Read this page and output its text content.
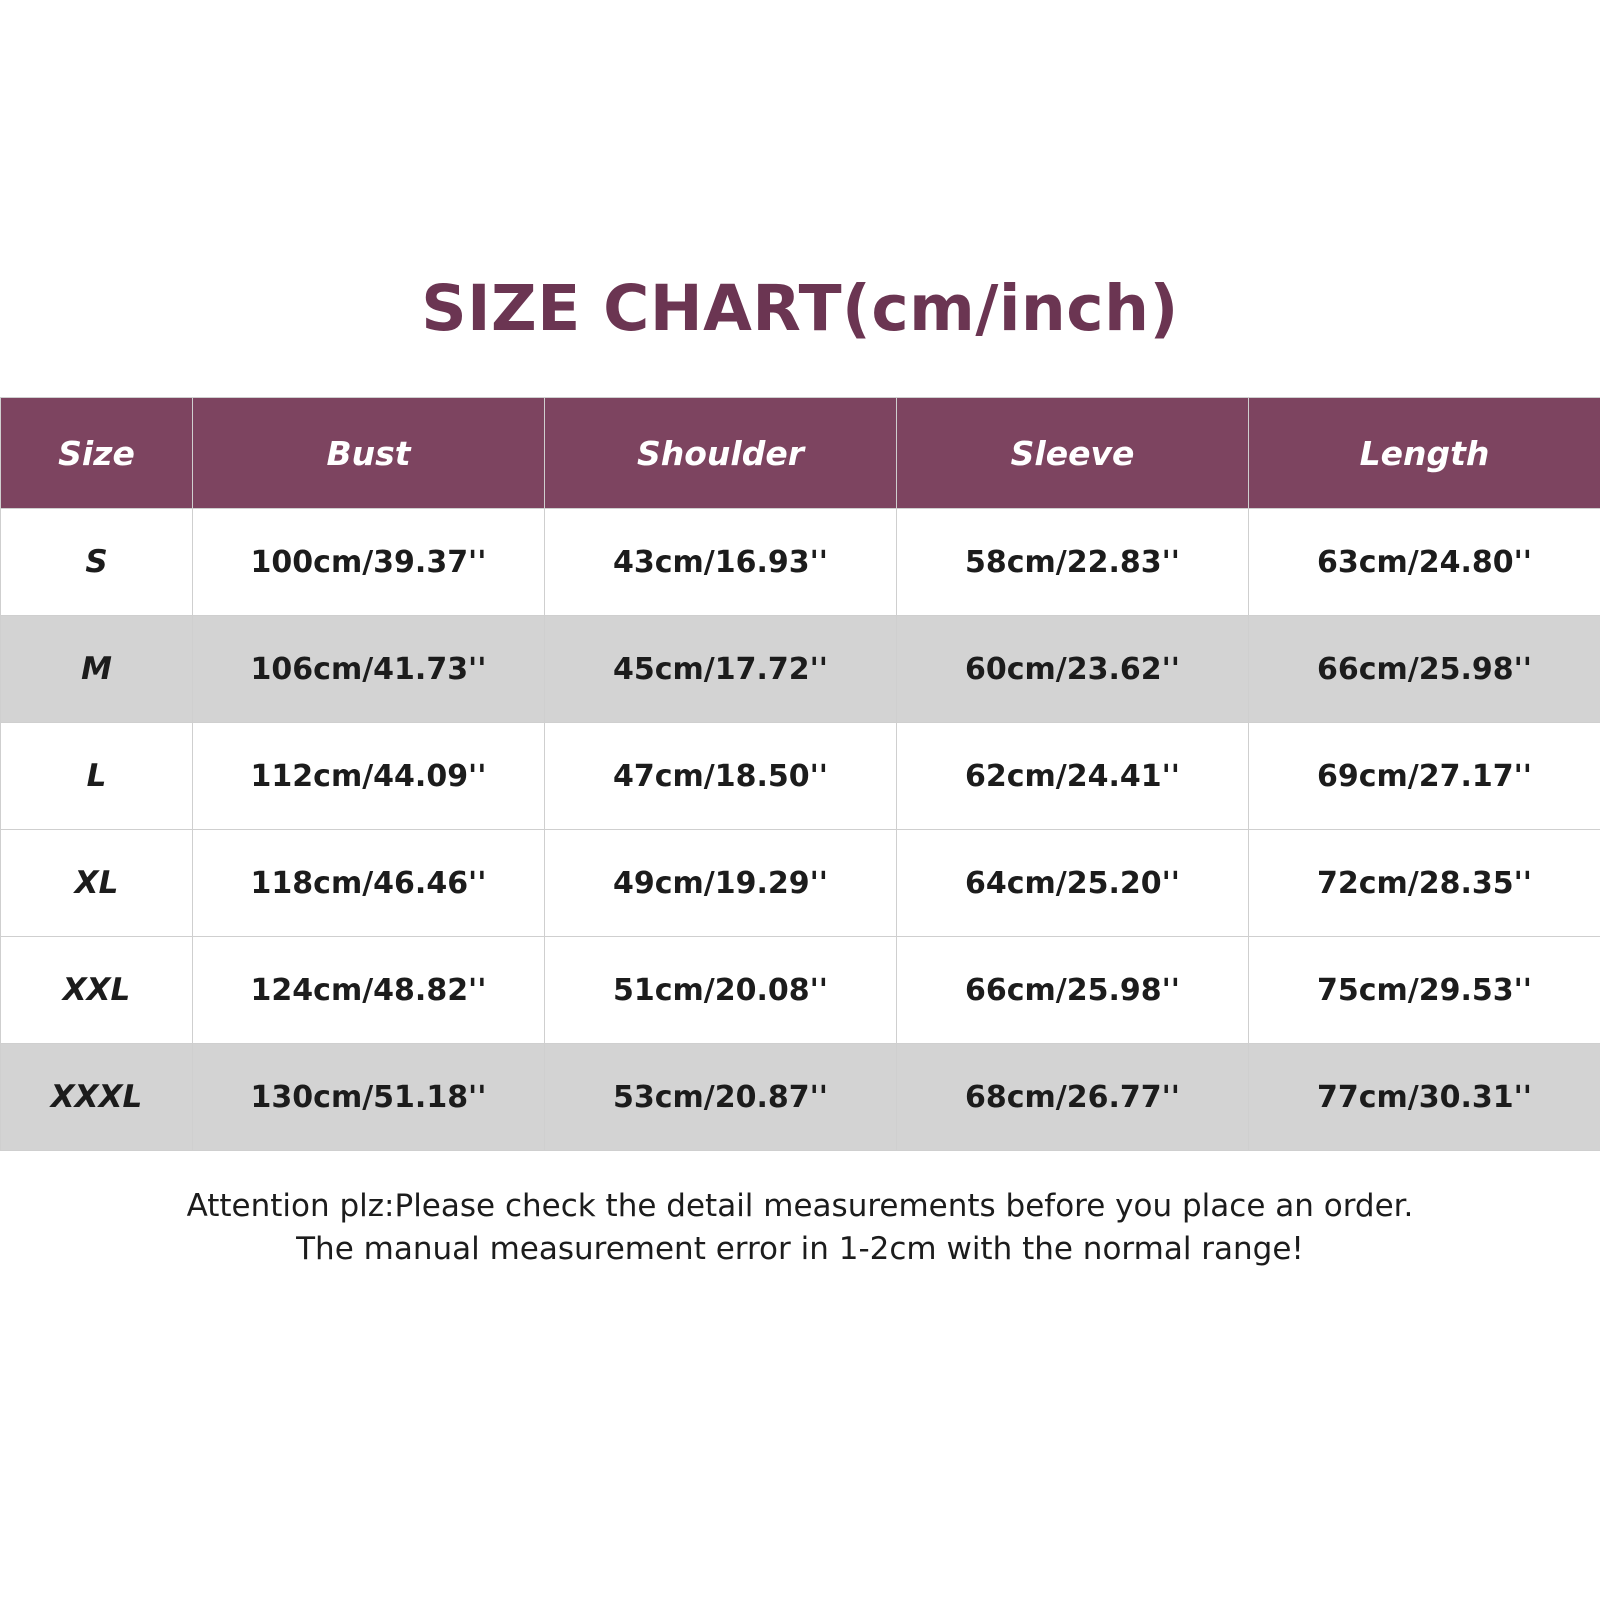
SIZE CHART(cm/inch)
Size	Bust	Shoulder	Sleeve	Length
S	100cm/39.37''	43cm/16.93''	58cm/22.83''	63cm/24.80''
M	106cm/41.73''	45cm/17.72''	60cm/23.62''	66cm/25.98''
L	112cm/44.09''	47cm/18.50''	62cm/24.41''	69cm/27.17''
XL	118cm/46.46''	49cm/19.29''	64cm/25.20''	72cm/28.35''
XXL	124cm/48.82''	51cm/20.08''	66cm/25.98''	75cm/29.53''
XXXL	130cm/51.18''	53cm/20.87''	68cm/26.77''	77cm/30.31''
Attention plz:Please check the detail measurements before you place an order.
The manual measurement error in 1-2cm with the normal range!
